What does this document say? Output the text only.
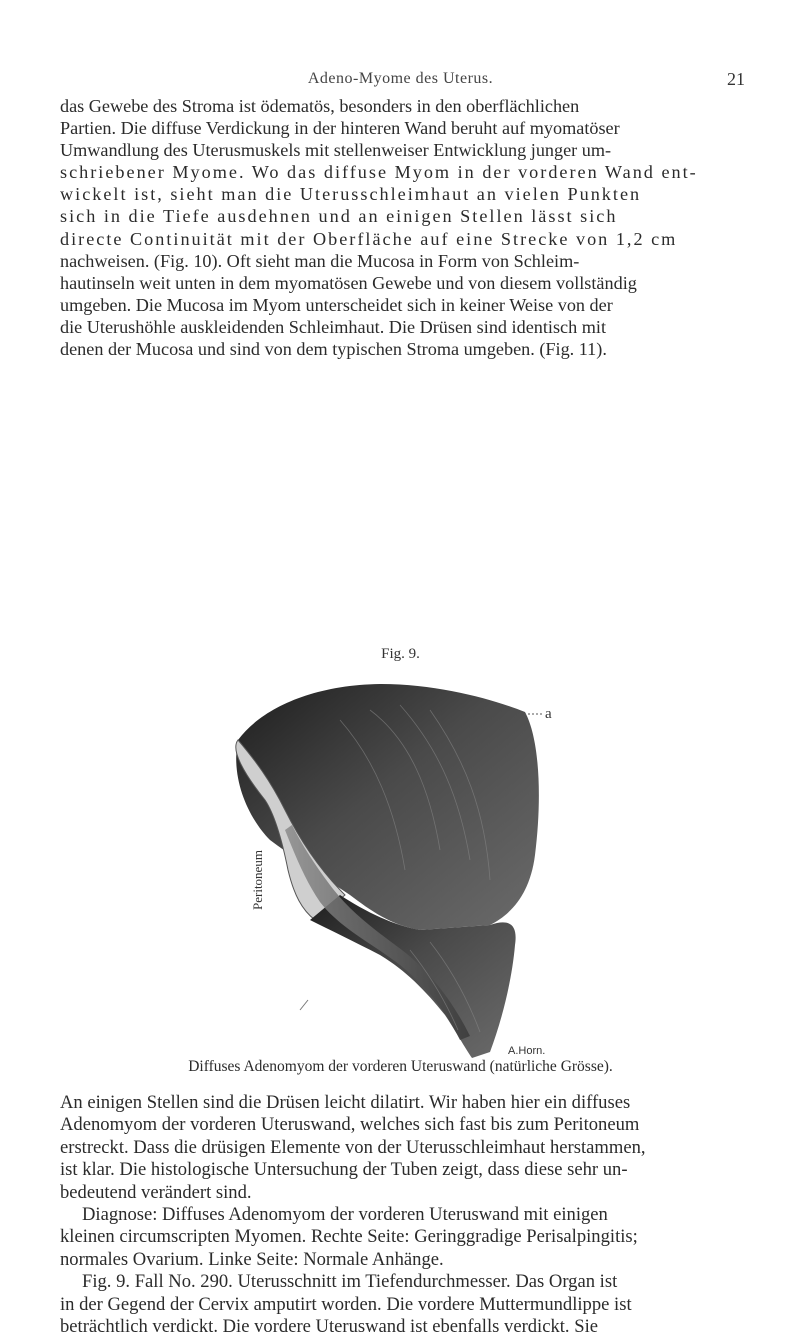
Adeno-Myome des Uterus.	21
das Gewebe des Stroma ist ödematös, besonders in den oberflächlichen
Partien. Die diffuse Verdickung in der hinteren Wand beruht auf myomatöser
Umwandlung des Uterusmuskels mit stellenweiser Entwicklung junger um-
schriebener Myome. Wo das diffuse Myom in der vorderen Wand ent-
wickelt ist, sieht man die Uterusschleimhaut an vielen Punkten
sich in die Tiefe ausdehnen und an einigen Stellen lässt sich
directe Continuität mit der Oberfläche auf eine Strecke von 1,2 cm
nachweisen. (Fig. 10). Oft sieht man die Mucosa in Form von Schleim-
hautinseln weit unten in dem myomatösen Gewebe und von diesem vollständig
umgeben. Die Mucosa im Myom unterscheidet sich in keiner Weise von der
die Uterushöhle auskleidenden Schleimhaut. Die Drüsen sind identisch mit
denen der Mucosa und sind von dem typischen Stroma umgeben. (Fig. 11).
Fig. 9.
a
Peritoneum
A.Horn.
Diffuses Adenomyom der vorderen Uteruswand (natürliche Grösse).
An einigen Stellen sind die Drüsen leicht dilatirt. Wir haben hier ein diffuses
Adenomyom der vorderen Uteruswand, welches sich fast bis zum Peritoneum
erstreckt. Dass die drüsigen Elemente von der Uterusschleimhaut herstammen,
ist klar. Die histologische Untersuchung der Tuben zeigt, dass diese sehr un-
bedeutend verändert sind.
Diagnose: Diffuses Adenomyom der vorderen Uteruswand mit einigen
kleinen circumscripten Myomen. Rechte Seite: Geringgradige Perisalpingitis;
normales Ovarium. Linke Seite: Normale Anhänge.
Fig. 9. Fall No. 290. Uterusschnitt im Tiefendurchmesser. Das Organ ist
in der Gegend der Cervix amputirt worden. Die vordere Muttermundlippe ist
beträchtlich verdickt. Die vordere Uteruswand ist ebenfalls verdickt. Sie
